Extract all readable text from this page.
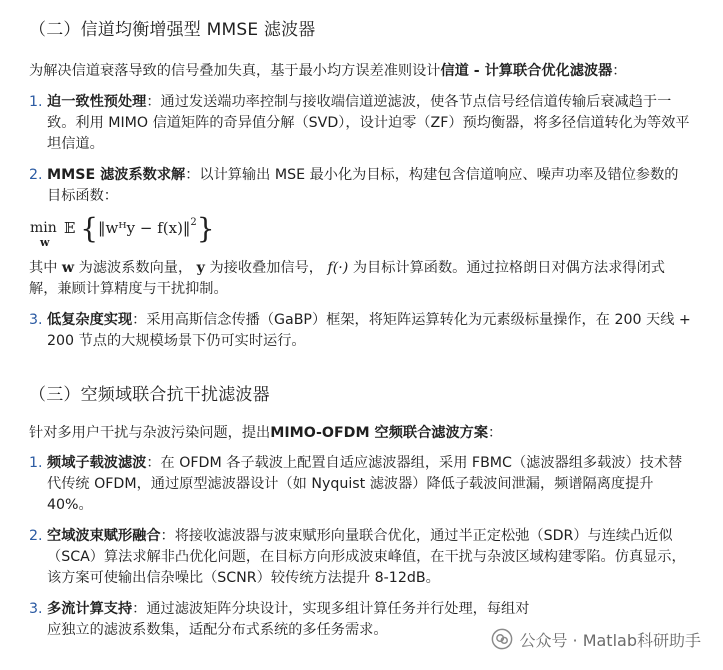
（二）信道均衡增强型 MMSE 滤波器

为解决信道衰落导致的信号叠加失真，基于最小均方误差准则设计信道 - 计算联合优化滤波器：

1. 迫一致性预处理：通过发送端功率控制与接收端信道逆滤波，使各节点信号经信道传输后衰减趋于一致。利用 MIMO 信道矩阵的奇异值分解（SVD），设计迫零（ZF）预均衡器，将多径信道转化为等效平坦信道。
2. MMSE 滤波系数求解：以计算输出 MSE 最小化为目标，构建包含信道响应、噪声功率及错位参数的目标函数：
min
w
𝔼 {‖wᴴy − f(x)‖$^2$}

其中 w 为滤波系数向量， y 为接收叠加信号， f(·) 为目标计算函数。通过拉格朗日对偶方法求得闭式解，兼顾计算精度与干扰抑制。

3. 低复杂度实现：采用高斯信念传播（GaBP）框架，将矩阵运算转化为元素级标量操作，在 200 天线 + 200 节点的大规模场景下仍可实时运行。
（三）空频域联合抗干扰滤波器

针对多用户干扰与杂波污染问题，提出MIMO-OFDM 空频联合滤波方案：

1. 频域子载波滤波：在 OFDM 各子载波上配置自适应滤波器组，采用 FBMC（滤波器组多载波）技术替代传统 OFDM，通过原型滤波器设计（如 Nyquist 滤波器）降低子载波间泄漏，频谱隔离度提升 40%。
2. 空域波束赋形融合：将接收滤波器与波束赋形向量联合优化，通过半正定松弛（SDR）与连续凸近似（SCA）算法求解非凸优化问题，在目标方向形成波束峰值，在干扰与杂波区域构建零陷。仿真显示，该方案可使输出信杂噪比（SCNR）较传统方法提升 8-12dB。
3. 多流计算支持：通过滤波矩阵分块设计，实现多组计算任务并行处理，每组对应独立的滤波系数集，适配分布式系统的多任务需求。
公众号 · Matlab科研助手
